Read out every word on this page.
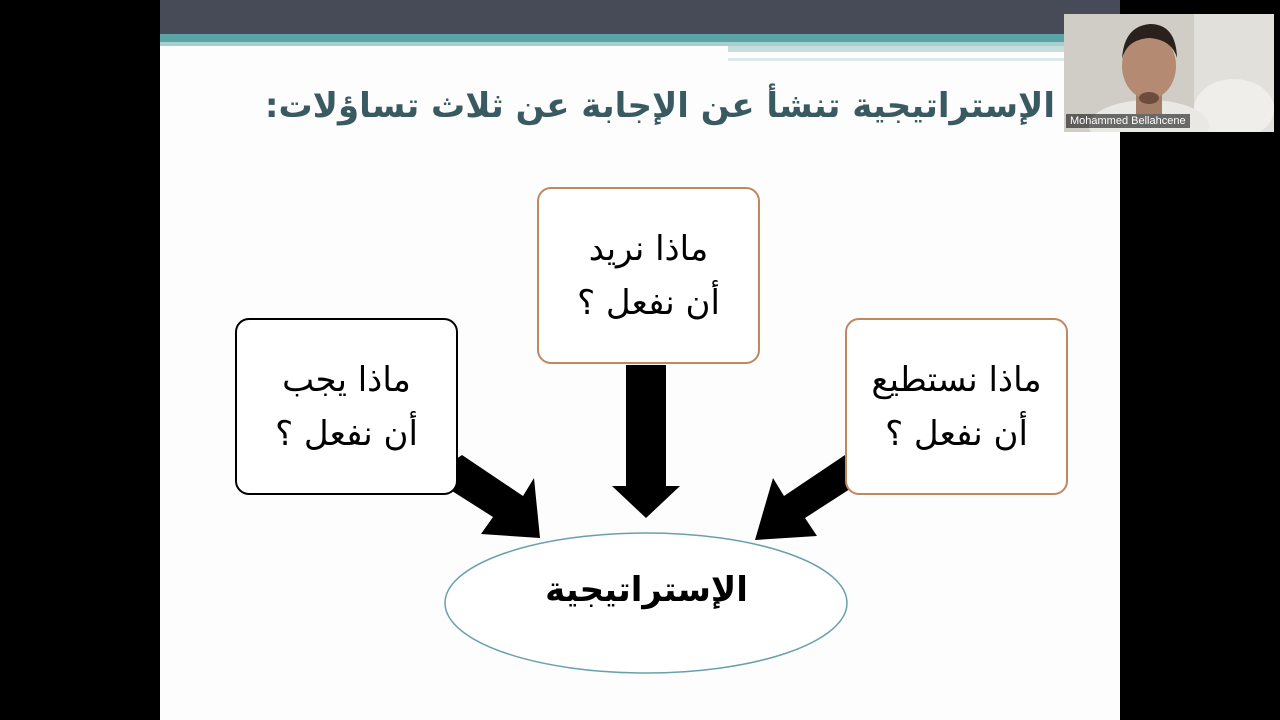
الإستراتيجية تنشأ عن الإجابة عن ثلاث تساؤلات:
ماذا يجب
أن نفعل ؟
ماذا نريد
أن نفعل ؟
ماذا نستطيع
أن نفعل ؟
الإستراتيجية
Mohammed Bellahcene
